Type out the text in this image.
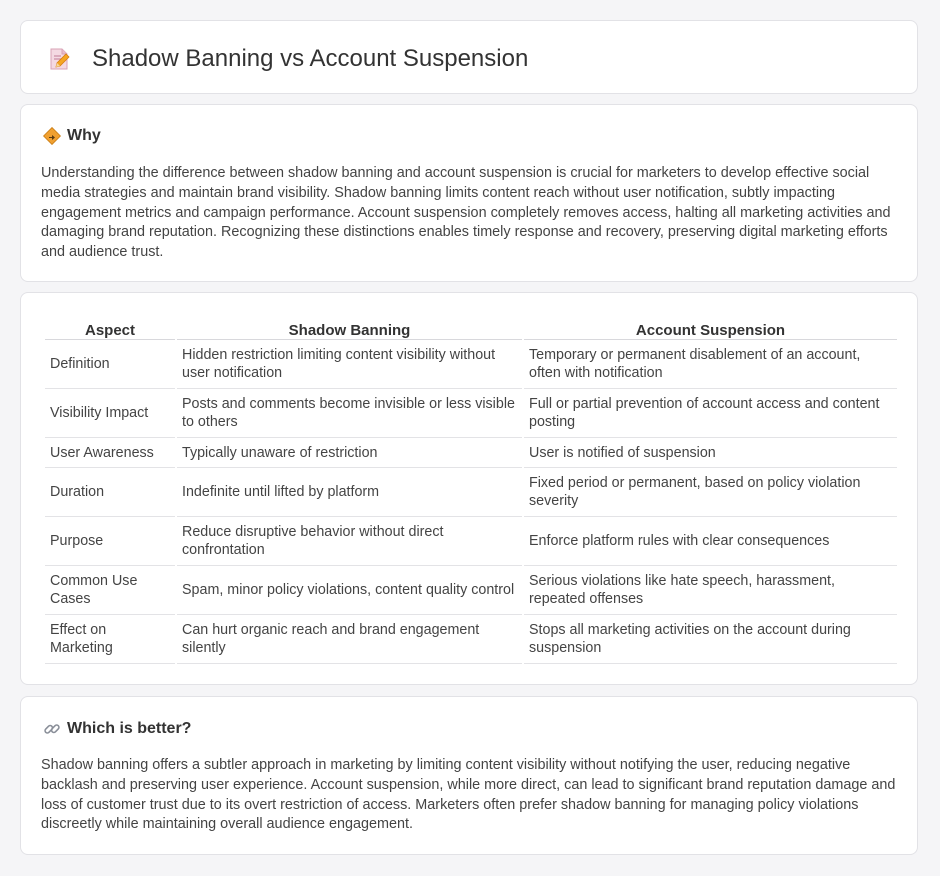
Shadow Banning vs Account Suspension
Why

Understanding the difference between shadow banning and account suspension is crucial for marketers to develop effective social media strategies and maintain brand visibility. Shadow banning limits content reach without user notification, subtly impacting engagement metrics and campaign performance. Account suspension completely removes access, halting all marketing activities and damaging brand reputation. Recognizing these distinctions enables timely response and recovery, preserving digital marketing efforts and audience trust.

Aspect	Shadow Banning	Account Suspension
Definition	Hidden restriction limiting content visibility without user notification	Temporary or permanent disablement of an account, often with notification
Visibility Impact	Posts and comments become invisible or less visible to others	Full or partial prevention of account access and content posting
User Awareness	Typically unaware of restriction	User is notified of suspension
Duration	Indefinite until lifted by platform	Fixed period or permanent, based on policy violation severity
Purpose	Reduce disruptive behavior without direct confrontation	Enforce platform rules with clear consequences
Common Use Cases	Spam, minor policy violations, content quality control	Serious violations like hate speech, harassment, repeated offenses
Effect on Marketing	Can hurt organic reach and brand engagement silently	Stops all marketing activities on the account during suspension
Which is better?

Shadow banning offers a subtler approach in marketing by limiting content visibility without notifying the user, reducing negative backlash and preserving user experience. Account suspension, while more direct, can lead to significant brand reputation damage and loss of customer trust due to its overt restriction of access. Marketers often prefer shadow banning for managing policy violations discreetly while maintaining overall audience engagement.
